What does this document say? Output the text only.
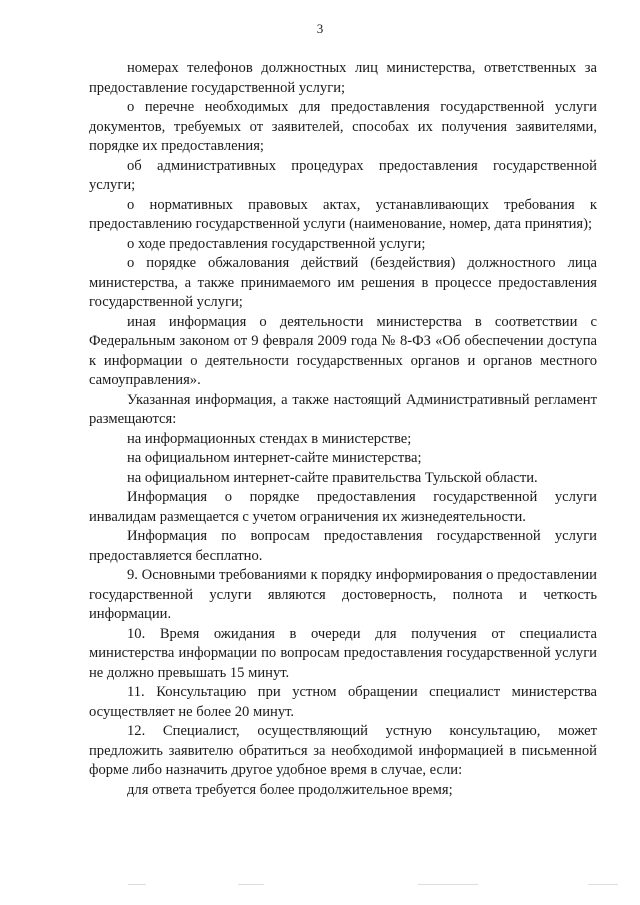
3

номерах телефонов должностных лиц министерства, ответственных за предоставление государственной услуги;

о перечне необходимых для предоставления государственной услуги документов, требуемых от заявителей, способах их получения заявителями, порядке их предоставления;

об административных процедурах предоставления государственной услуги;

о нормативных правовых актах, устанавливающих требования к предоставлению государственной услуги (наименование, номер, дата принятия);

о ходе предоставления государственной услуги;

о порядке обжалования действий (бездействия) должностного лица министерства, а также принимаемого им решения в процессе предоставления государственной услуги;

иная информация о деятельности министерства в соответствии с Федеральным законом от 9 февраля 2009 года № 8-ФЗ «Об обеспечении доступа к информации о деятельности государственных органов и органов местного самоуправления».

Указанная информация, а также настоящий Административный регламент размещаются:

на информационных стендах в министерстве;

на официальном интернет-сайте министерства;

на официальном интернет-сайте правительства Тульской области.

Информация о порядке предоставления государственной услуги инвалидам размещается с учетом ограничения их жизнедеятельности.

Информация по вопросам предоставления государственной услуги предоставляется бесплатно.

9. Основными требованиями к порядку информирования о предоставлении государственной услуги являются достоверность, полнота и четкость информации.

10. Время ожидания в очереди для получения от специалиста министерства информации по вопросам предоставления государственной услуги не должно превышать 15 минут.

11. Консультацию при устном обращении специалист министерства осуществляет не более 20 минут.

12. Специалист, осуществляющий устную консультацию, может предложить заявителю обратиться за необходимой информацией в письменной форме либо назначить другое удобное время в случае, если:

для ответа требуется более продолжительное время;
